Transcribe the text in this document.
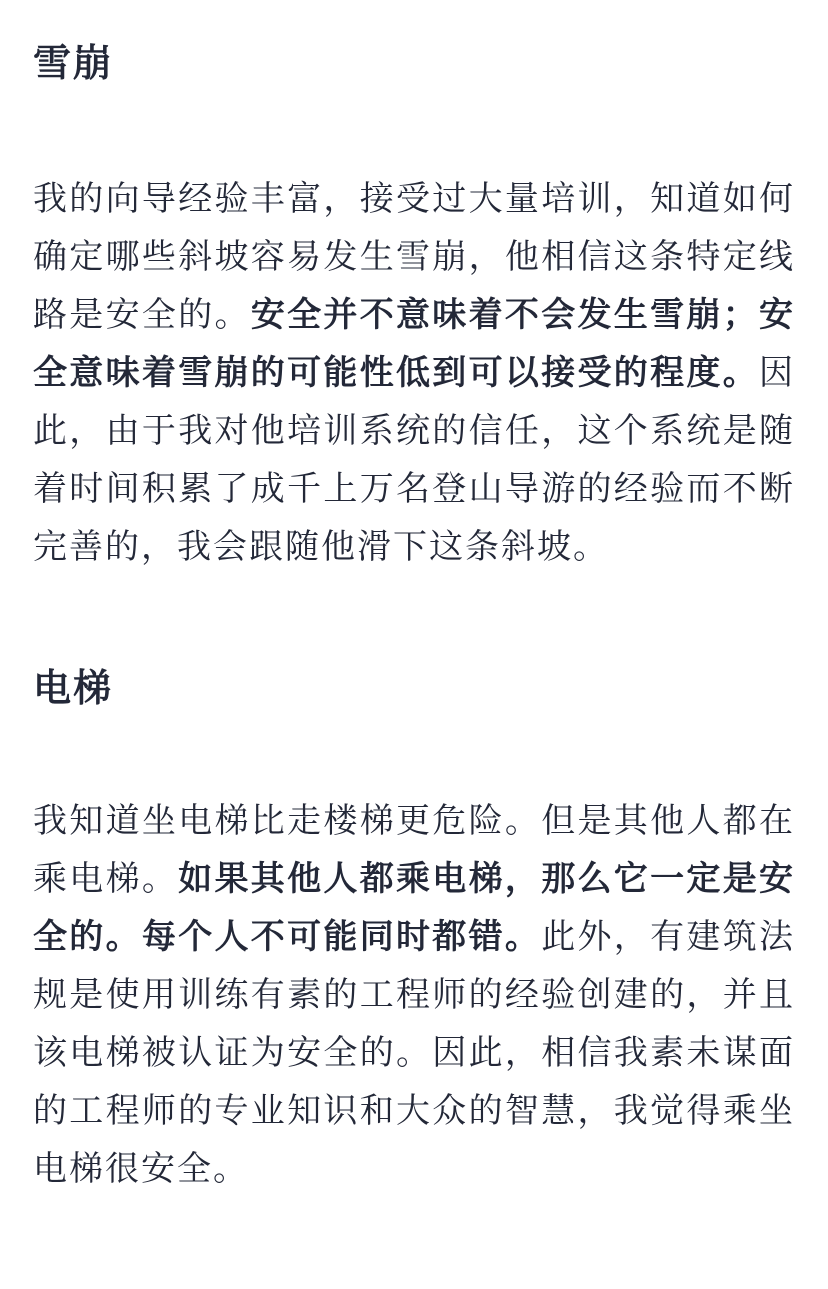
雪崩

我的向导经验丰富，接受过大量培训，知道如何确定哪些斜坡容易发生雪崩，他相信这条特定线路是安全的。安全并不意味着不会发生雪崩；安全意味着雪崩的可能性低到可以接受的程度。因此，由于我对他培训系统的信任，这个系统是随着时间积累了成千上万名登山导游的经验而不断完善的，我会跟随他滑下这条斜坡。

电梯

我知道坐电梯比走楼梯更危险。但是其他人都在乘电梯。如果其他人都乘电梯，那么它一定是安全的。每个人不可能同时都错。此外，有建筑法规是使用训练有素的工程师的经验创建的，并且该电梯被认证为安全的。因此，相信我素未谋面的工程师的专业知识和大众的智慧，我觉得乘坐电梯很安全。
